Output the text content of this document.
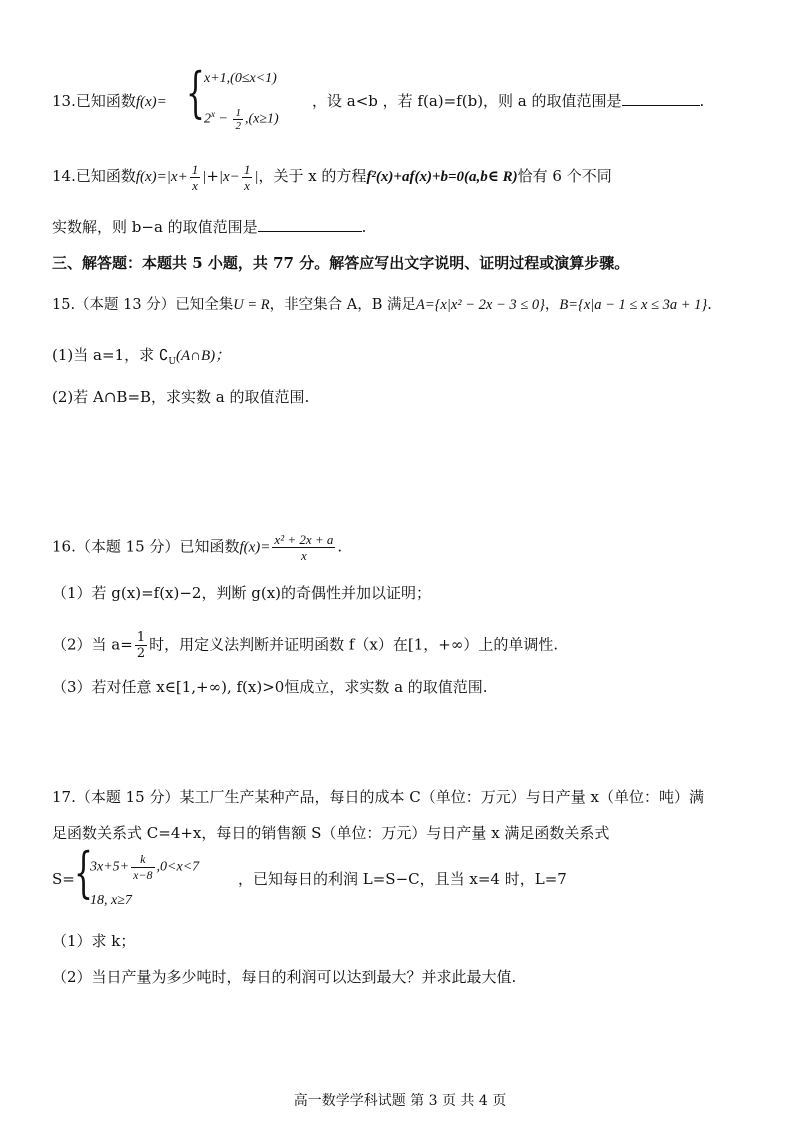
13.已知函数f(x)= { x+1,(0≤x<1)
$2^x - \frac{1}{2} ,(x\ge 1)$
，设 a<b ，若 f(a)=f(b)，则 a 的取值范围是	.
14.已知函数$f(x)=|x+ \frac{1}{x} |+|x- \frac{1}{x}$ |，关于 x 的方程f²(x)+af(x)+b=0(a,b∈ R)恰有 6 个不同
实数解，则 b−a 的取值范围是	.
三、解答题：本题共 5 小题，共 77 分。解答应写出文字说明、证明过程或演算步骤。
15.（本题 13 分）已知全集U = R，非空集合 A，B 满足A={x|x² − 2x − 3 ≤ 0}，B={x|a − 1 ≤ x ≤ 3a + 1}.
(1)当 a=1，求 $∁_U(A\cap B)$；
(2)若 A∩B=B，求实数 a 的取值范围.
16.（本题 15 分）已知函数$f(x)= \frac{\text{x² + 2x + a}}{x}$ .
（1）若 g(x)=f(x)−2，判断 g(x)的奇偶性并加以证明；
（2）当 $a= \frac{1}{2}$ 时，用定义法判断并证明函数 f（x）在[1，+∞）上的单调性.
（3）若对任意 x∈[1,+∞), f(x)>0恒成立，求实数 a 的取值范围.
17.（本题 15 分）某工厂生产某种产品，每日的成本 C（单位：万元）与日产量 x（单位：吨）满
足函数关系式 C=4+x，每日的销售额 S（单位：万元）与日产量 x 满足函数关系式
S= {
$3x+5+ \frac{k}{x-8} ,0<x<7$
18, x≥7
，已知每日的利润 L=S−C，且当 x=4 时，L=7
（1）求 k；
（2）当日产量为多少吨时，每日的利润可以达到最大？并求此最大值.
高一数学学科试题 第 3 页 共 4 页
